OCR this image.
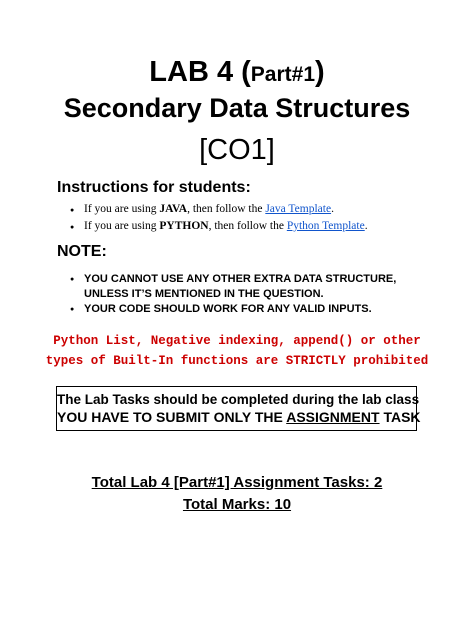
LAB 4 (Part#1)
Secondary Data Structures
[CO1]
Instructions for students:
● If you are using JAVA, then follow the Java Template.
● If you are using PYTHON, then follow the Python Template.
NOTE:
● YOU CANNOT USE ANY OTHER EXTRA DATA STRUCTURE,
UNLESS IT’S MENTIONED IN THE QUESTION.
● YOUR CODE SHOULD WORK FOR ANY VALID INPUTS.
Python List, Negative indexing, append() or other
types of Built-In functions are STRICTLY prohibited
The Lab Tasks should be completed during the lab class
YOU HAVE TO SUBMIT ONLY THE ASSIGNMENT TASK
Total Lab 4 [Part#1] Assignment Tasks: 2
Total Marks: 10
